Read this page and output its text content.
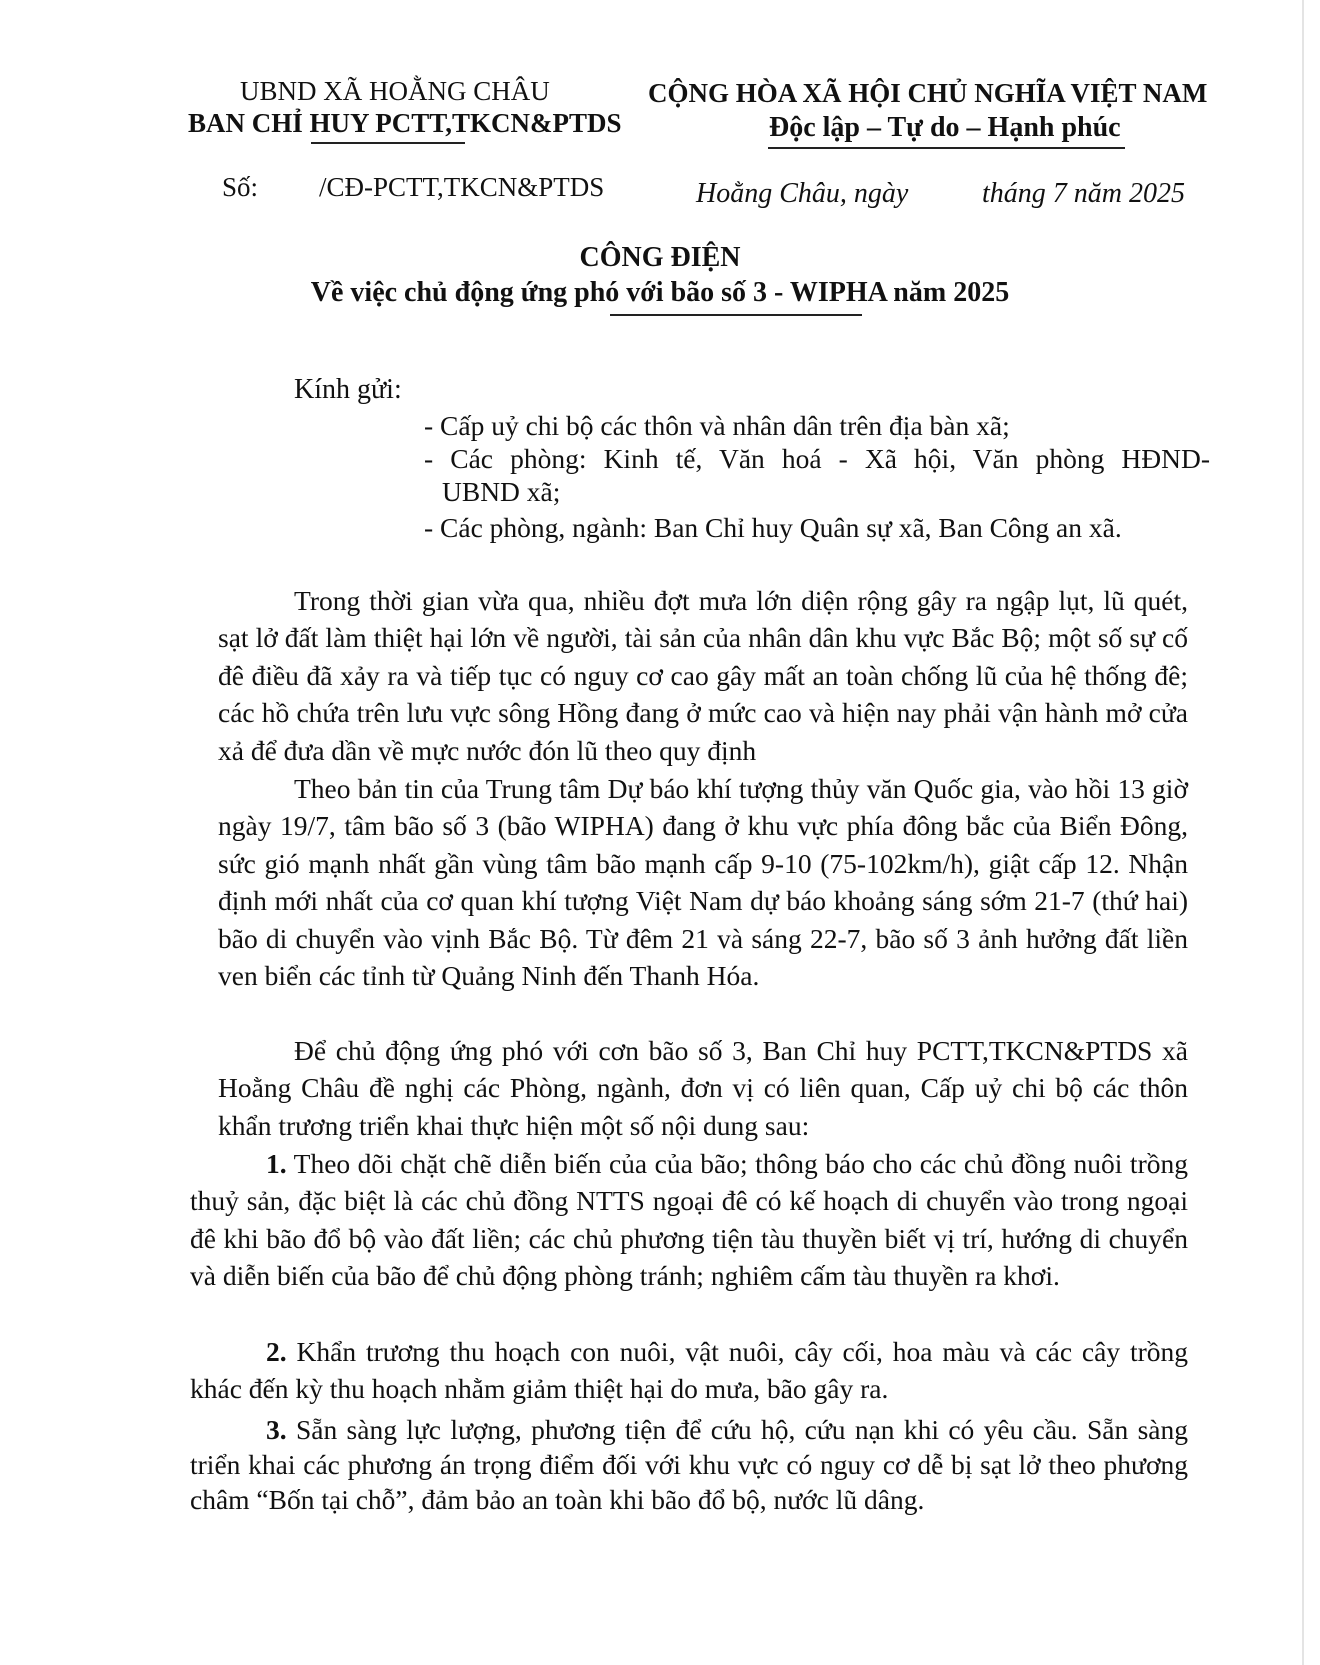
UBND XÃ HOẰNG CHÂU
BAN CHỈ HUY PCTT,TKCN&PTDS
CỘNG HÒA XÃ HỘI CHỦ NGHĨA VIỆT NAM
Độc lập – Tự do – Hạnh phúc
Số: /CĐ-PCTT,TKCN&PTDS	Hoằng Châu, ngày	tháng 7 năm 2025
CÔNG ĐIỆN
Về việc chủ động ứng phó với bão số 3 - WIPHA năm 2025
Kính gửi:
- Cấp uỷ chi bộ các thôn và nhân dân trên địa bàn xã;
- Các phòng: Kinh tế, Văn hoá - Xã hội, Văn phòng HĐND-
UBND xã;
- Các phòng, ngành: Ban Chỉ huy Quân sự xã, Ban Công an xã.
Trong thời gian vừa qua, nhiều đợt mưa lớn diện rộng gây ra ngập lụt, lũ quét, sạt lở đất làm thiệt hại lớn về người, tài sản của nhân dân khu vực Bắc Bộ; một số sự cố đê điều đã xảy ra và tiếp tục có nguy cơ cao gây mất an toàn chống lũ của hệ thống đê; các hồ chứa trên lưu vực sông Hồng đang ở mức cao và hiện nay phải vận hành mở cửa xả để đưa dần về mực nước đón lũ theo quy định
Theo bản tin của Trung tâm Dự báo khí tượng thủy văn Quốc gia, vào hồi 13 giờ ngày 19/7, tâm bão số 3 (bão WIPHA) đang ở khu vực phía đông bắc của Biển Đông, sức gió mạnh nhất gần vùng tâm bão mạnh cấp 9-10 (75-102km/h), giật cấp 12. Nhận định mới nhất của cơ quan khí tượng Việt Nam dự báo khoảng sáng sớm 21-7 (thứ hai) bão di chuyển vào vịnh Bắc Bộ. Từ đêm 21 và sáng 22-7, bão số 3 ảnh hưởng đất liền ven biển các tỉnh từ Quảng Ninh đến Thanh Hóa.
Để chủ động ứng phó với cơn bão số 3, Ban Chỉ huy PCTT,TKCN&PTDS xã Hoằng Châu đề nghị các Phòng, ngành, đơn vị có liên quan, Cấp uỷ chi bộ các thôn khẩn trương triển khai thực hiện một số nội dung sau:
1. Theo dõi chặt chẽ diễn biến của của bão; thông báo cho các chủ đồng nuôi trồng thuỷ sản, đặc biệt là các chủ đồng NTTS ngoại đê có kế hoạch di chuyển vào trong ngoại đê khi bão đổ bộ vào đất liền; các chủ phương tiện tàu thuyền biết vị trí, hướng di chuyển và diễn biến của bão để chủ động phòng tránh; nghiêm cấm tàu thuyền ra khơi.
2. Khẩn trương thu hoạch con nuôi, vật nuôi, cây cối, hoa màu và các cây trồng khác đến kỳ thu hoạch nhằm giảm thiệt hại do mưa, bão gây ra.
3. Sẵn sàng lực lượng, phương tiện để cứu hộ, cứu nạn khi có yêu cầu. Sẵn sàng triển khai các phương án trọng điểm đối với khu vực có nguy cơ dễ bị sạt lở theo phương châm “Bốn tại chỗ”, đảm bảo an toàn khi bão đổ bộ, nước lũ dâng.
